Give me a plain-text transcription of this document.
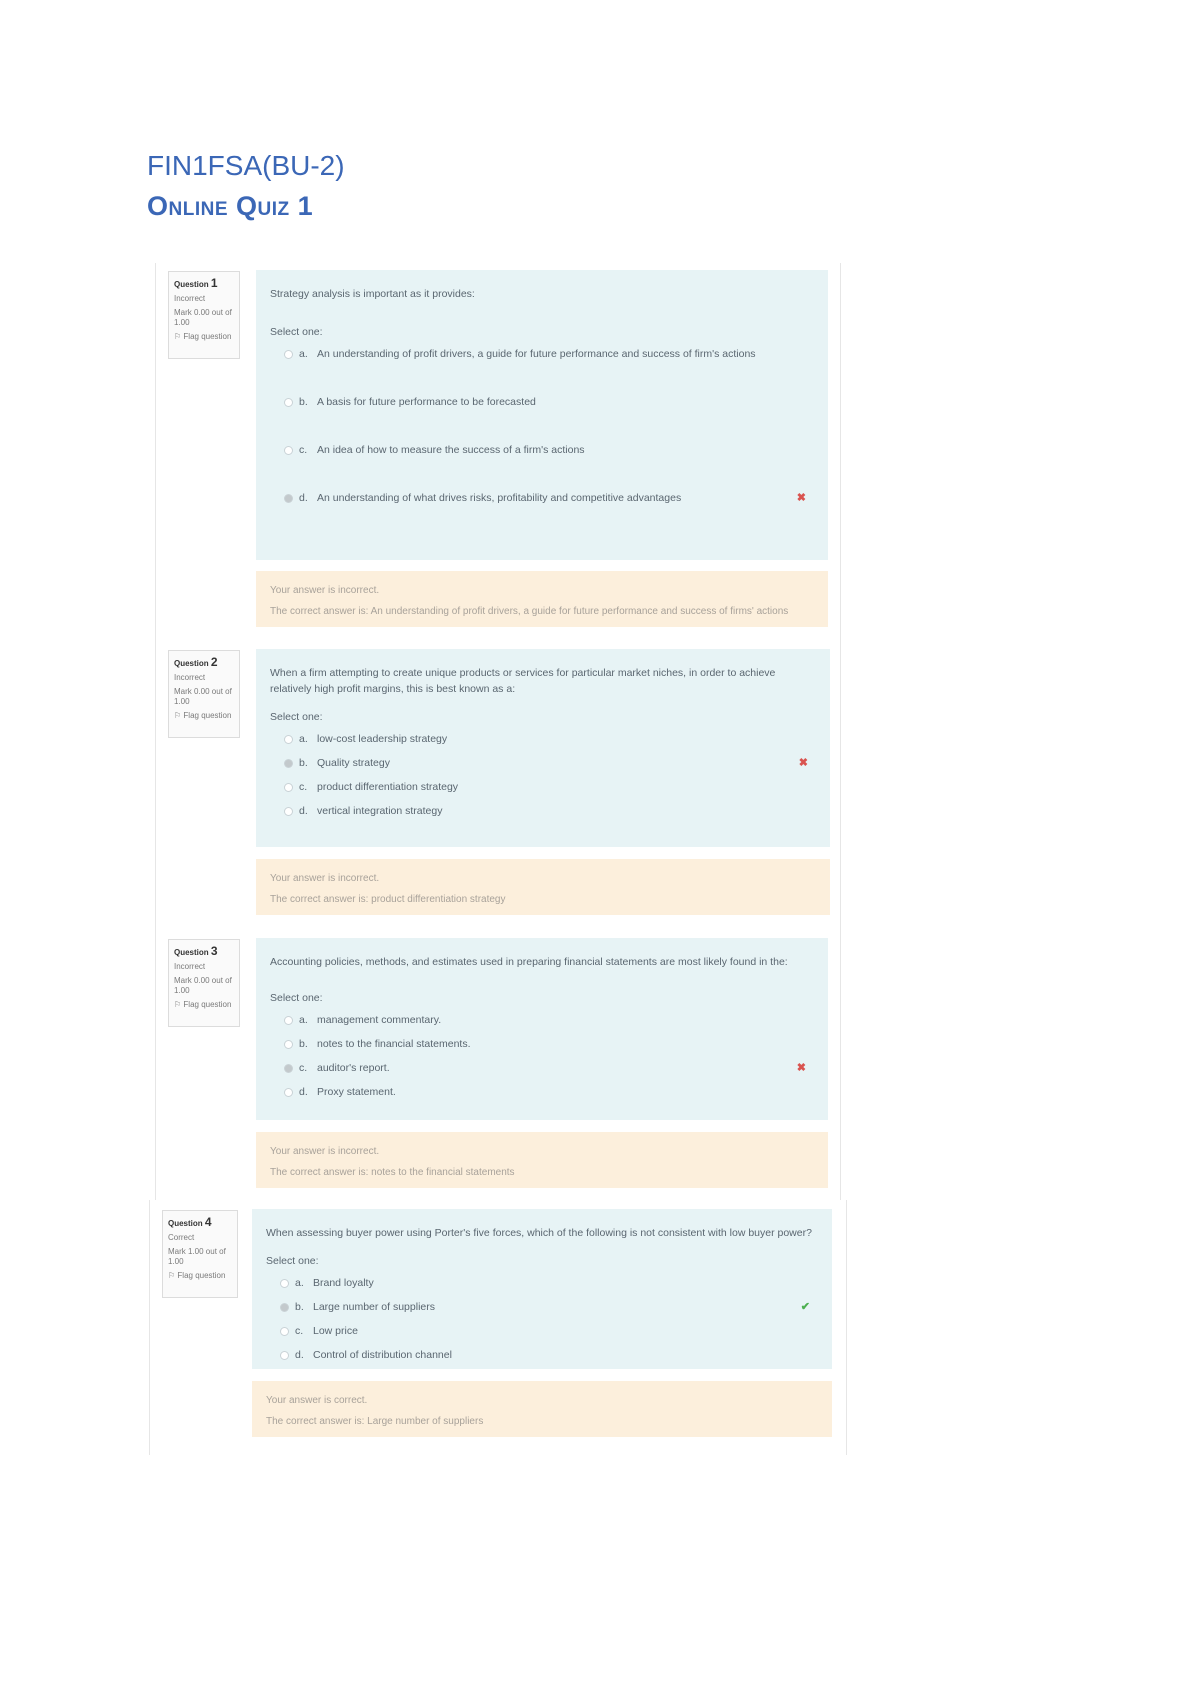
FIN1FSA(BU-2)
Online Quiz 1
Question 1
Incorrect
Mark 0.00 out of 1.00
⚐ Flag question
Strategy analysis is important as it provides:
Select one:
a. An understanding of profit drivers, a guide for future performance and success of firm's actions
b. A basis for future performance to be forecasted
c. An idea of how to measure the success of a firm's actions
d. An understanding of what drives risks, profitability and competitive advantages	✖
Your answer is incorrect.
The correct answer is: An understanding of profit drivers, a guide for future performance and success of firms' actions
Question 2
Incorrect
Mark 0.00 out of 1.00
⚐ Flag question
When a firm attempting to create unique products or services for particular market niches, in order to achieve relatively high profit margins, this is best known as a:
Select one:
a. low-cost leadership strategy
b. Quality strategy	✖
c. product differentiation strategy
d. vertical integration strategy
Your answer is incorrect.
The correct answer is: product differentiation strategy
Question 3
Incorrect
Mark 0.00 out of 1.00
⚐ Flag question
Accounting policies, methods, and estimates used in preparing financial statements are most likely found in the:
Select one:
a. management commentary.
b. notes to the financial statements.
c. auditor's report.	✖
d. Proxy statement.
Your answer is incorrect.
The correct answer is: notes to the financial statements
Question 4
Correct
Mark 1.00 out of 1.00
⚐ Flag question
When assessing buyer power using Porter's five forces, which of the following is not consistent with low buyer power?
Select one:
a. Brand loyalty
b. Large number of suppliers	✔
c. Low price
d. Control of distribution channel
Your answer is correct.
The correct answer is: Large number of suppliers
